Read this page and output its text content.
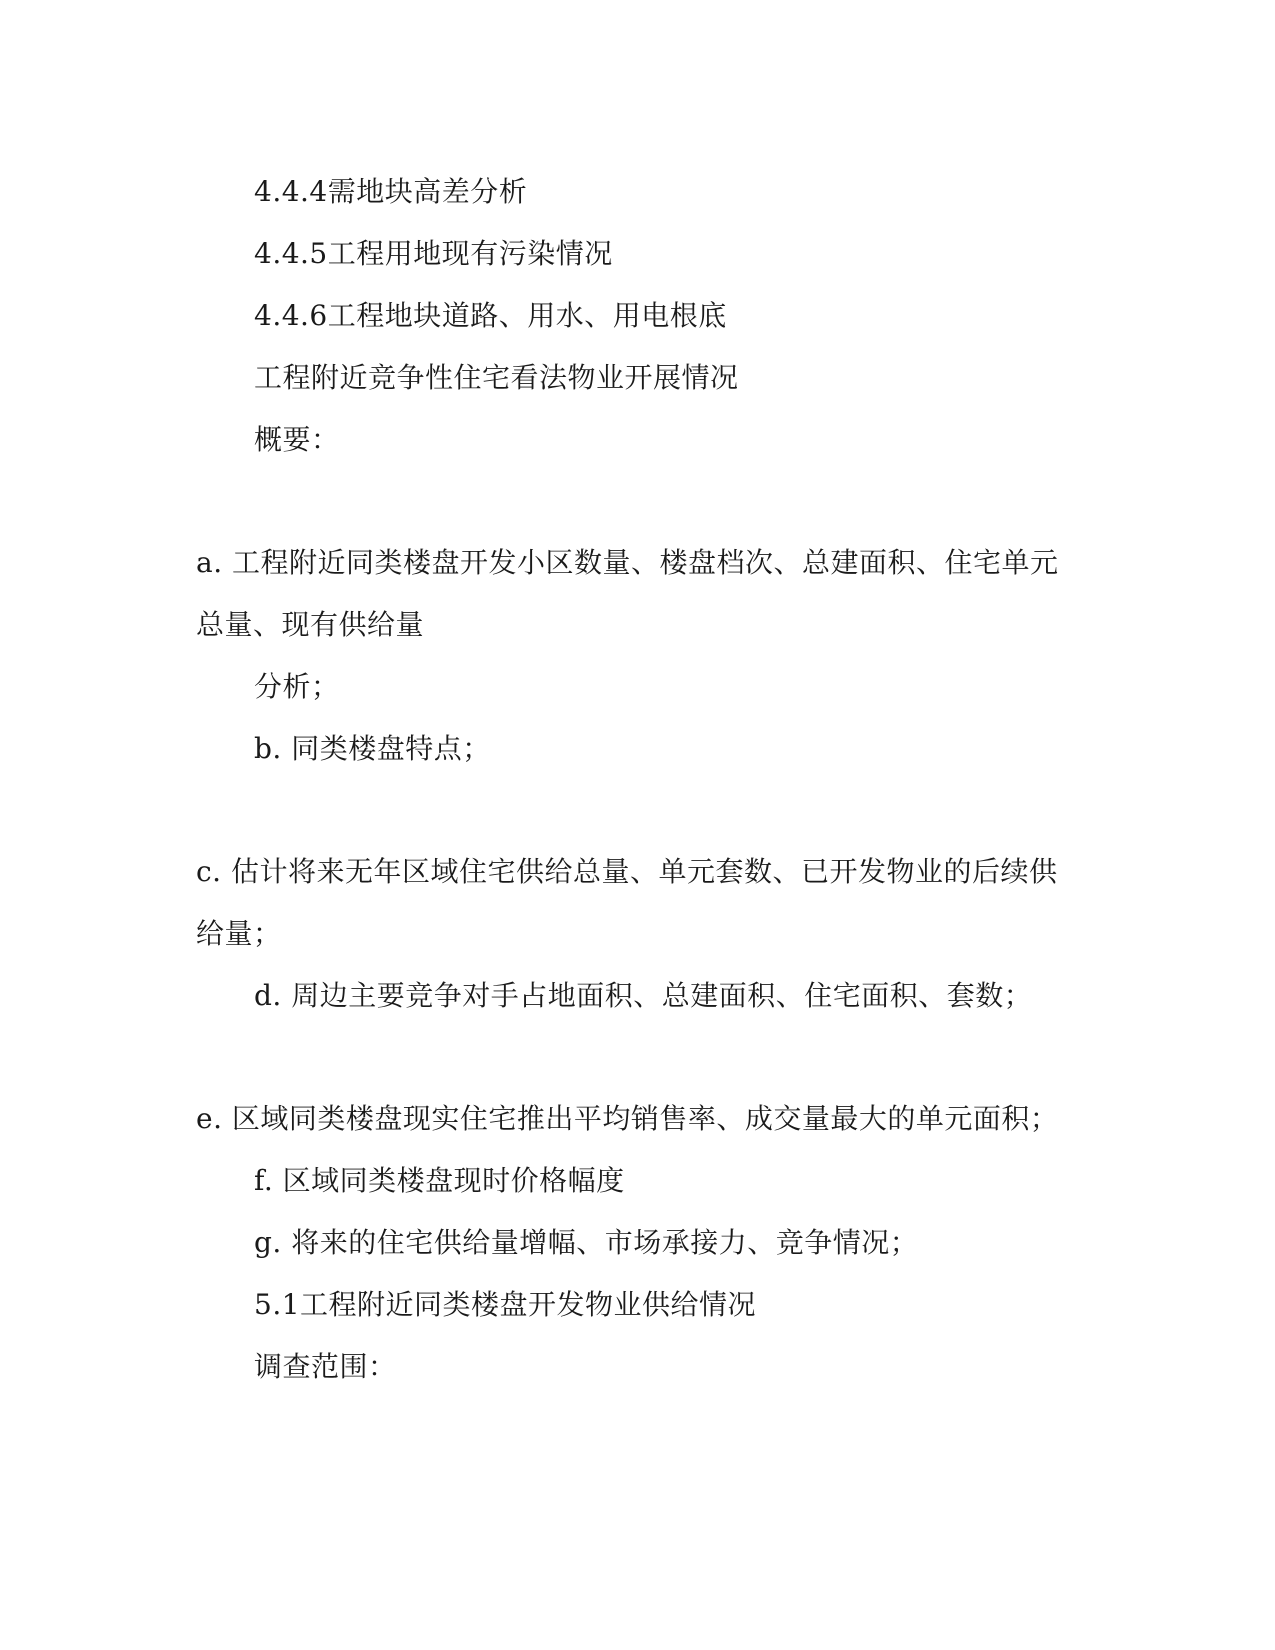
4.4.4需地块高差分析
4.4.5工程用地现有污染情况
4.4.6工程地块道路、用水、用电根底
工程附近竞争性住宅看法物业开展情况
概要：
a. 工程附近同类楼盘开发小区数量、楼盘档次、总建面积、住宅单元
总量、现有供给量
分析；
b. 同类楼盘特点；
c. 估计将来无年区域住宅供给总量、单元套数、已开发物业的后续供
给量；
d. 周边主要竞争对手占地面积、总建面积、住宅面积、套数；
e. 区域同类楼盘现实住宅推出平均销售率、成交量最大的单元面积；
f. 区域同类楼盘现时价格幅度
g. 将来的住宅供给量增幅、市场承接力、竞争情况；
5.1工程附近同类楼盘开发物业供给情况
调查范围：
